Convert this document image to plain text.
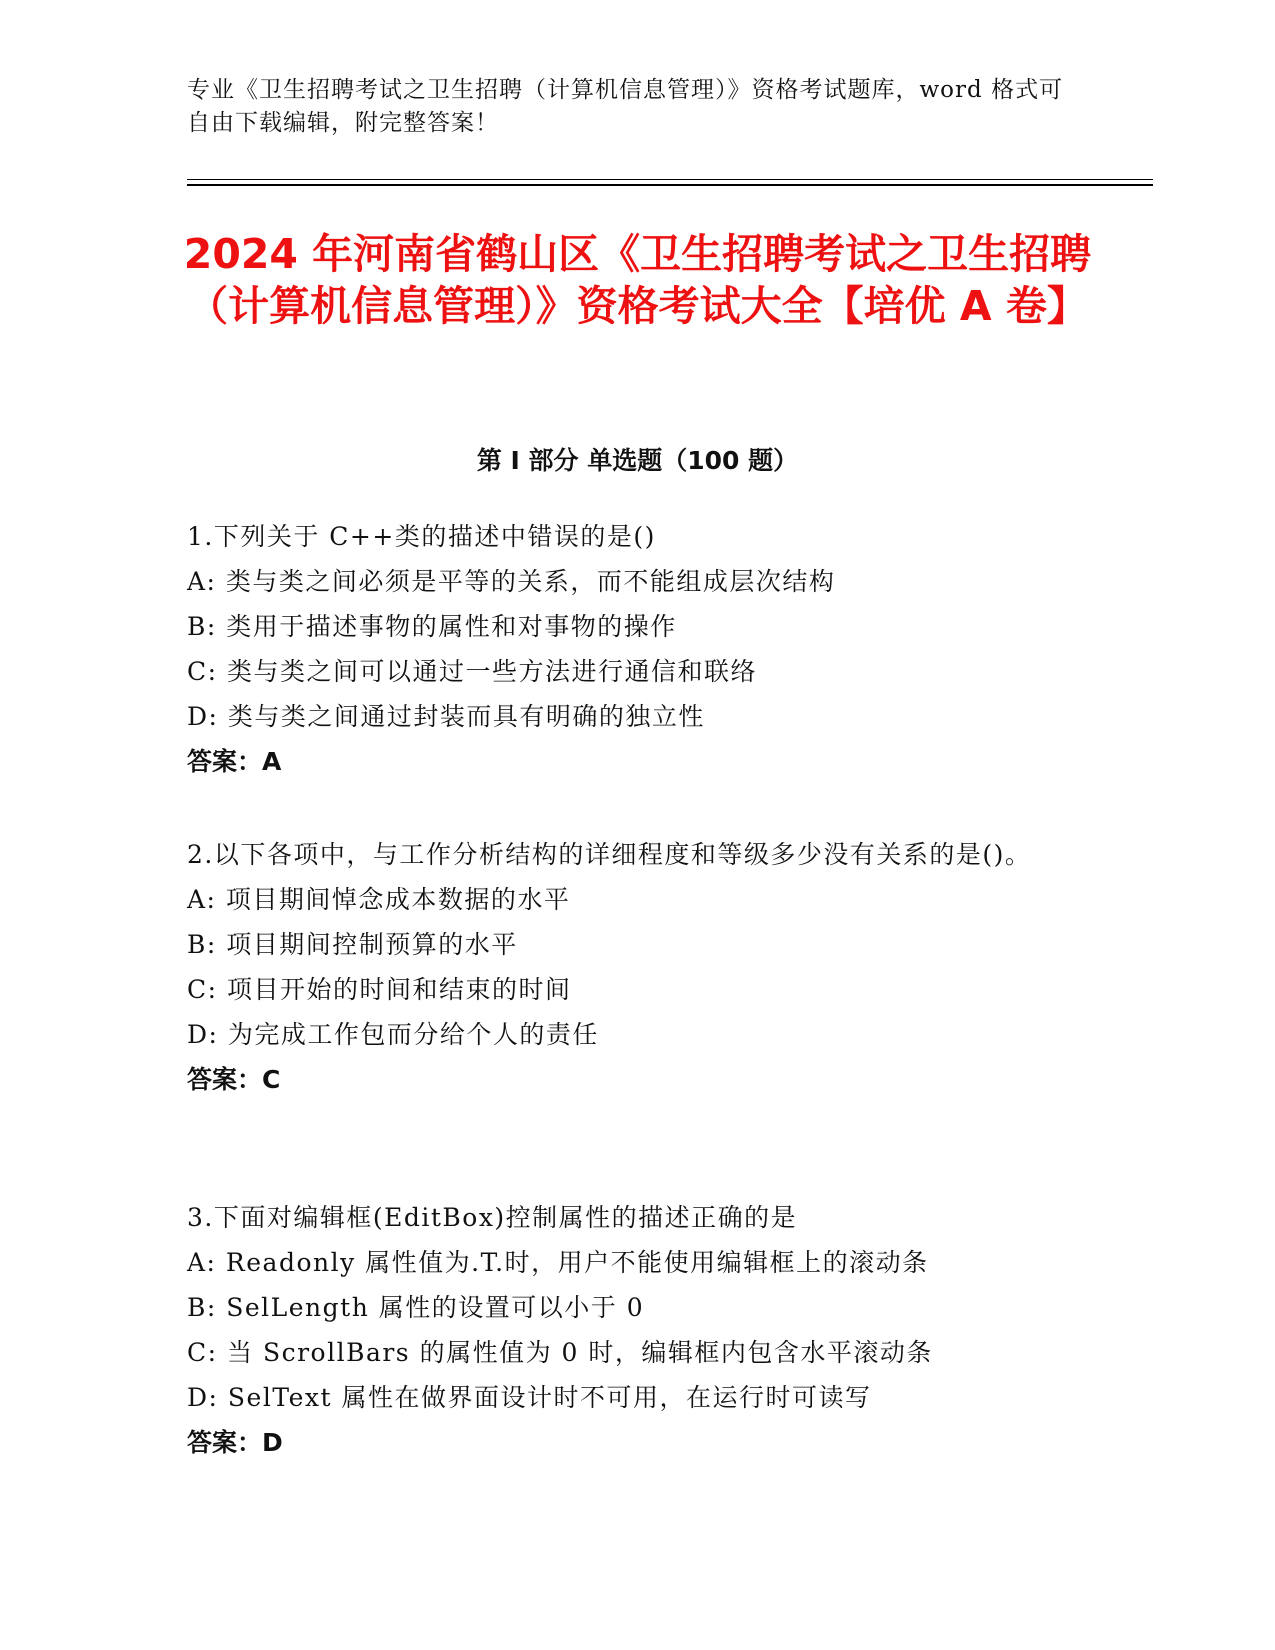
专业《卫生招聘考试之卫生招聘（计算机信息管理）》资格考试题库，word 格式可自由下载编辑，附完整答案！
2024 年河南省鹤山区《卫生招聘考试之卫生招聘（计算机信息管理）》资格考试大全【培优 A 卷】
第 I 部分 单选题（100 题）
1.下列关于 C++类的描述中错误的是()
A: 类与类之间必须是平等的关系，而不能组成层次结构
B: 类用于描述事物的属性和对事物的操作
C: 类与类之间可以通过一些方法进行通信和联络
D: 类与类之间通过封装而具有明确的独立性
答案：A
2.以下各项中，与工作分析结构的详细程度和等级多少没有关系的是()。
A: 项目期间悼念成本数据的水平
B: 项目期间控制预算的水平
C: 项目开始的时间和结束的时间
D: 为完成工作包而分给个人的责任
答案：C
3.下面对编辑框(EditBox)控制属性的描述正确的是
A: Readonly 属性值为.T.时，用户不能使用编辑框上的滚动条
B: SelLength 属性的设置可以小于 0
C: 当 ScrollBars 的属性值为 0 时，编辑框内包含水平滚动条
D: SelText 属性在做界面设计时不可用，在运行时可读写
答案：D
